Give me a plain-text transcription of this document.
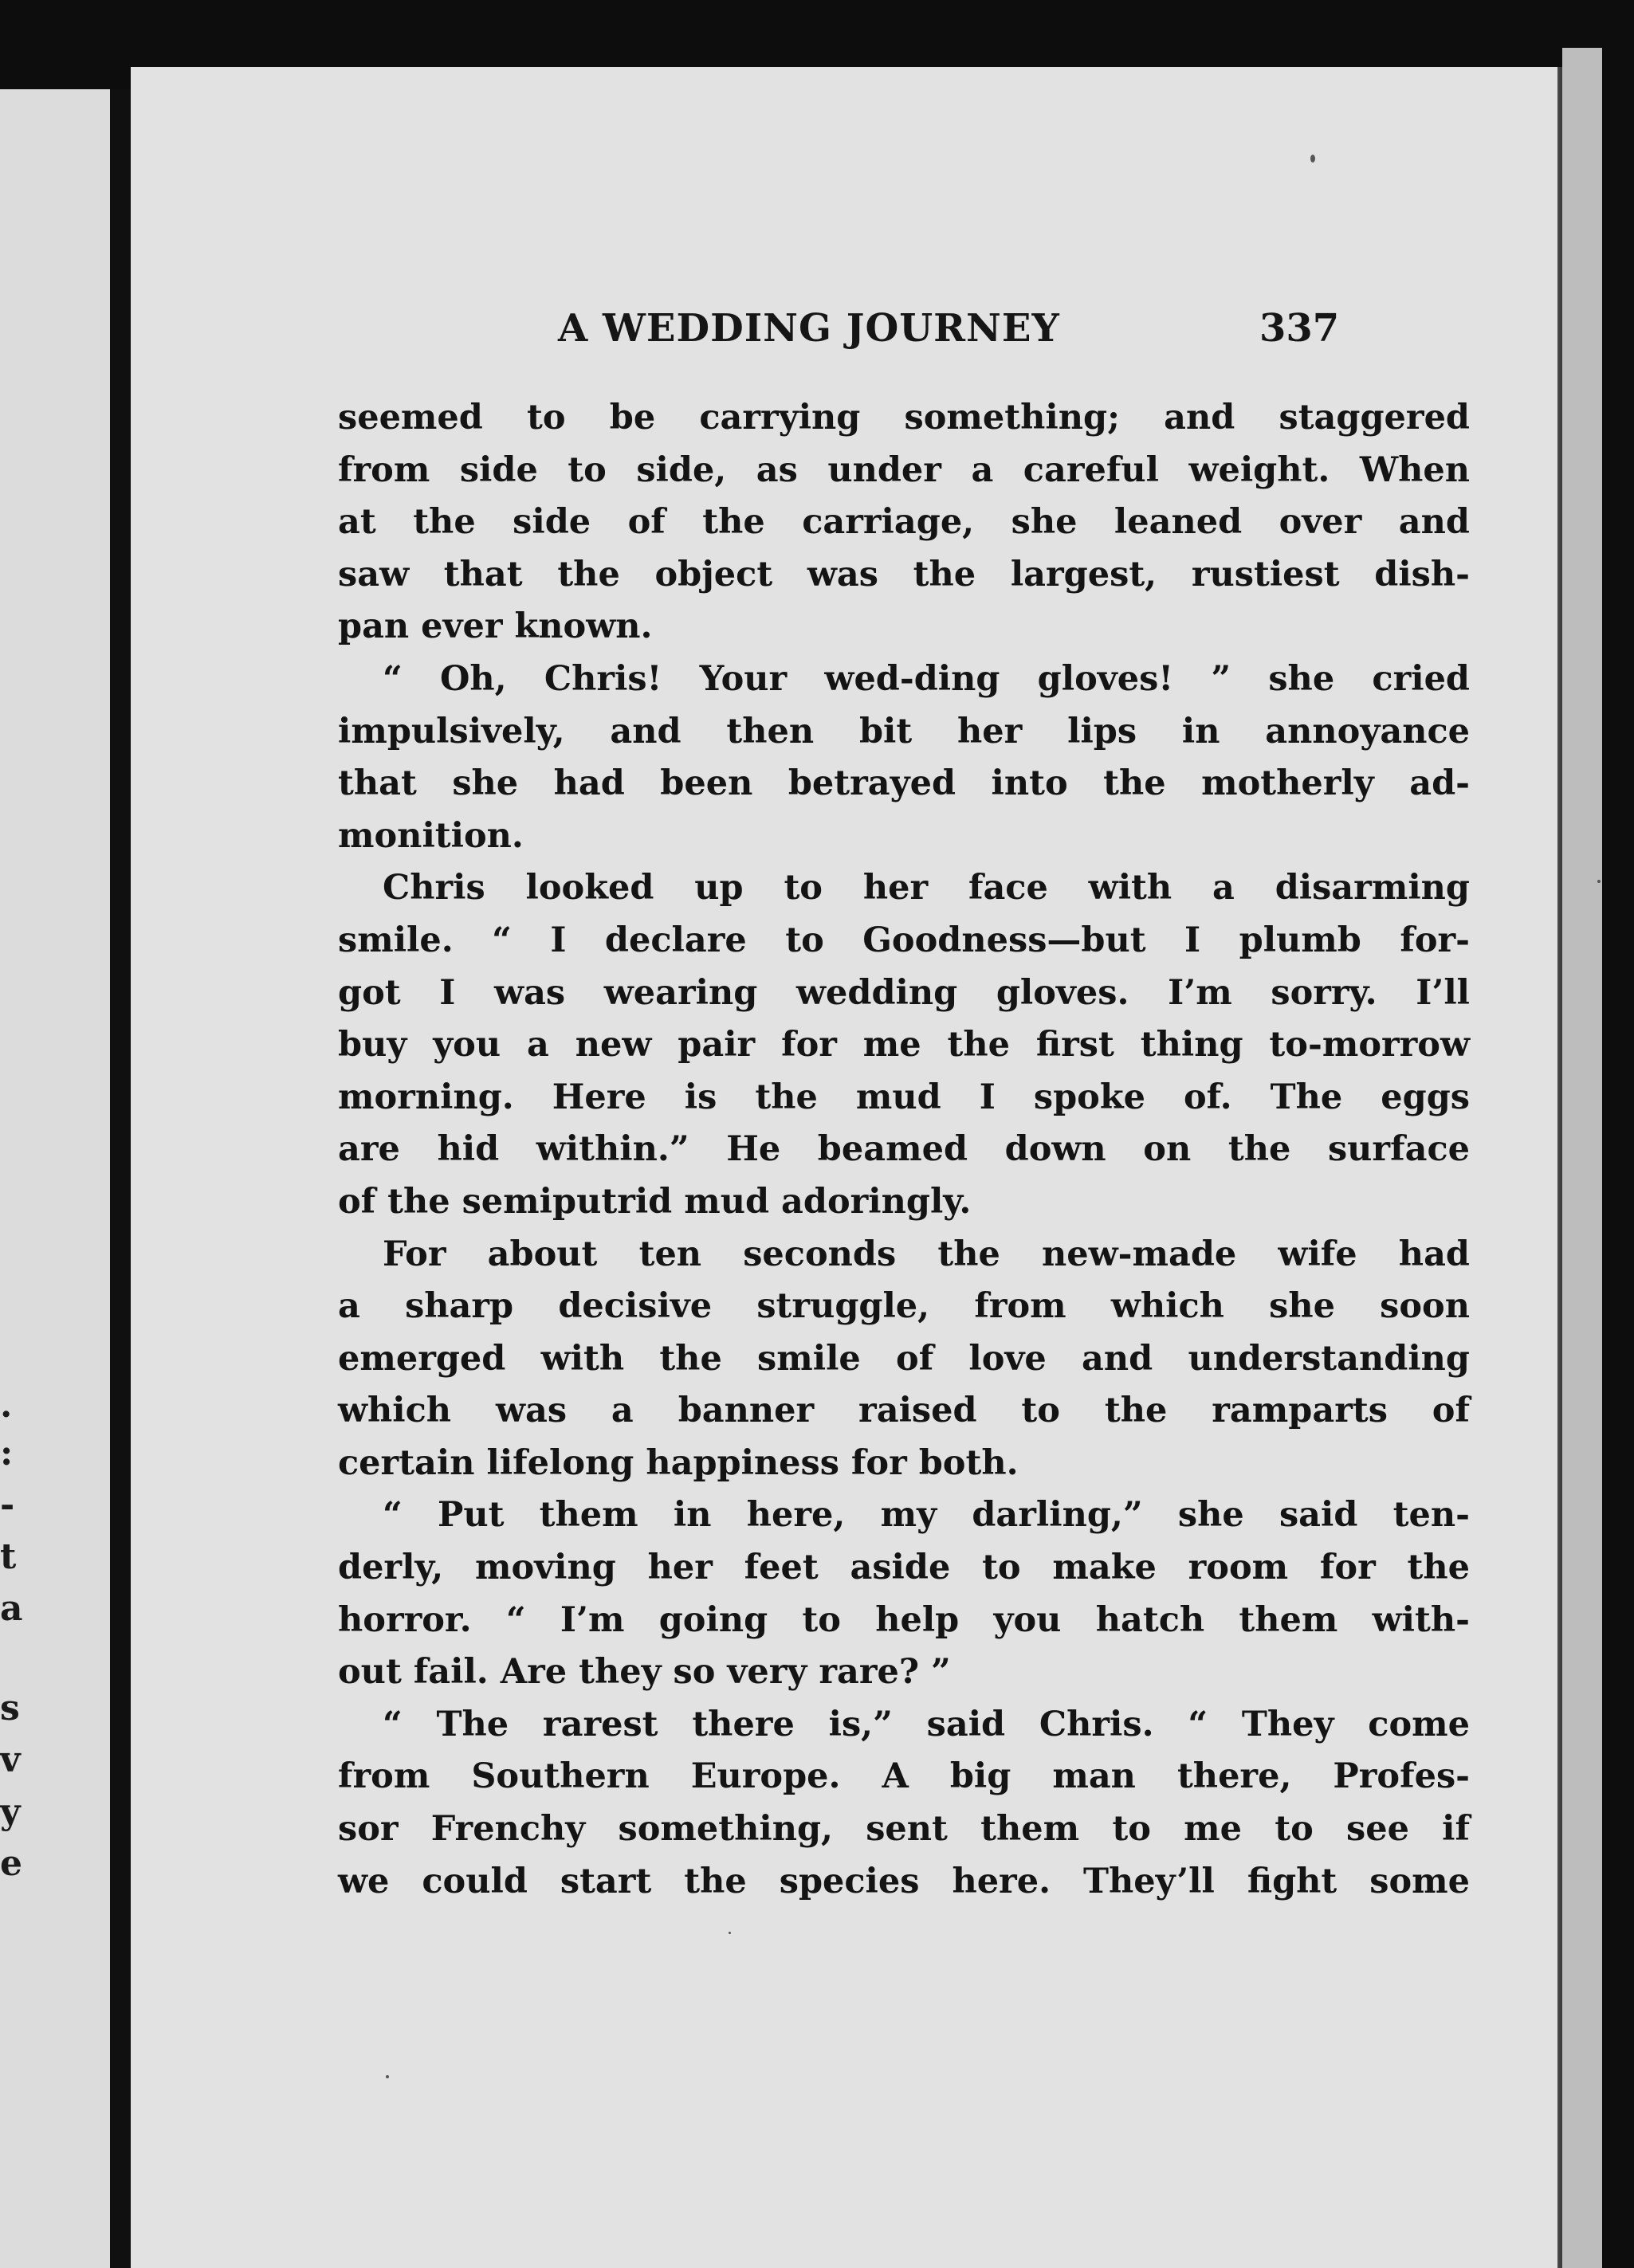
.
:
-
t
a
s
v
y
e
A WEDDING JOURNEY	337

seemed to be carrying something; and staggered
from side to side, as under a careful weight. When
at the side of the carriage, she leaned over and
saw that the object was the largest, rustiest dish-
pan ever known.

“ Oh, Chris! Your wed-ding gloves! ” she cried
impulsively, and then bit her lips in annoyance
that she had been betrayed into the motherly ad-
monition.

Chris looked up to her face with a disarming
smile. “ I declare to Goodness—but I plumb for-
got I was wearing wedding gloves. I’m sorry. I’ll
buy you a new pair for me the first thing to-morrow
morning. Here is the mud I spoke of. The eggs
are hid within.” He beamed down on the surface
of the semiputrid mud adoringly.

For about ten seconds the new-made wife had
a sharp decisive struggle, from which she soon
emerged with the smile of love and understanding
which was a banner raised to the ramparts of
certain lifelong happiness for both.

“ Put them in here, my darling,” she said ten-
derly, moving her feet aside to make room for the
horror. “ I’m going to help you hatch them with-
out fail. Are they so very rare? ”

“ The rarest there is,” said Chris. “ They come
from Southern Europe. A big man there, Profes-
sor Frenchy something, sent them to me to see if
we could start the species here. They’ll fight some
